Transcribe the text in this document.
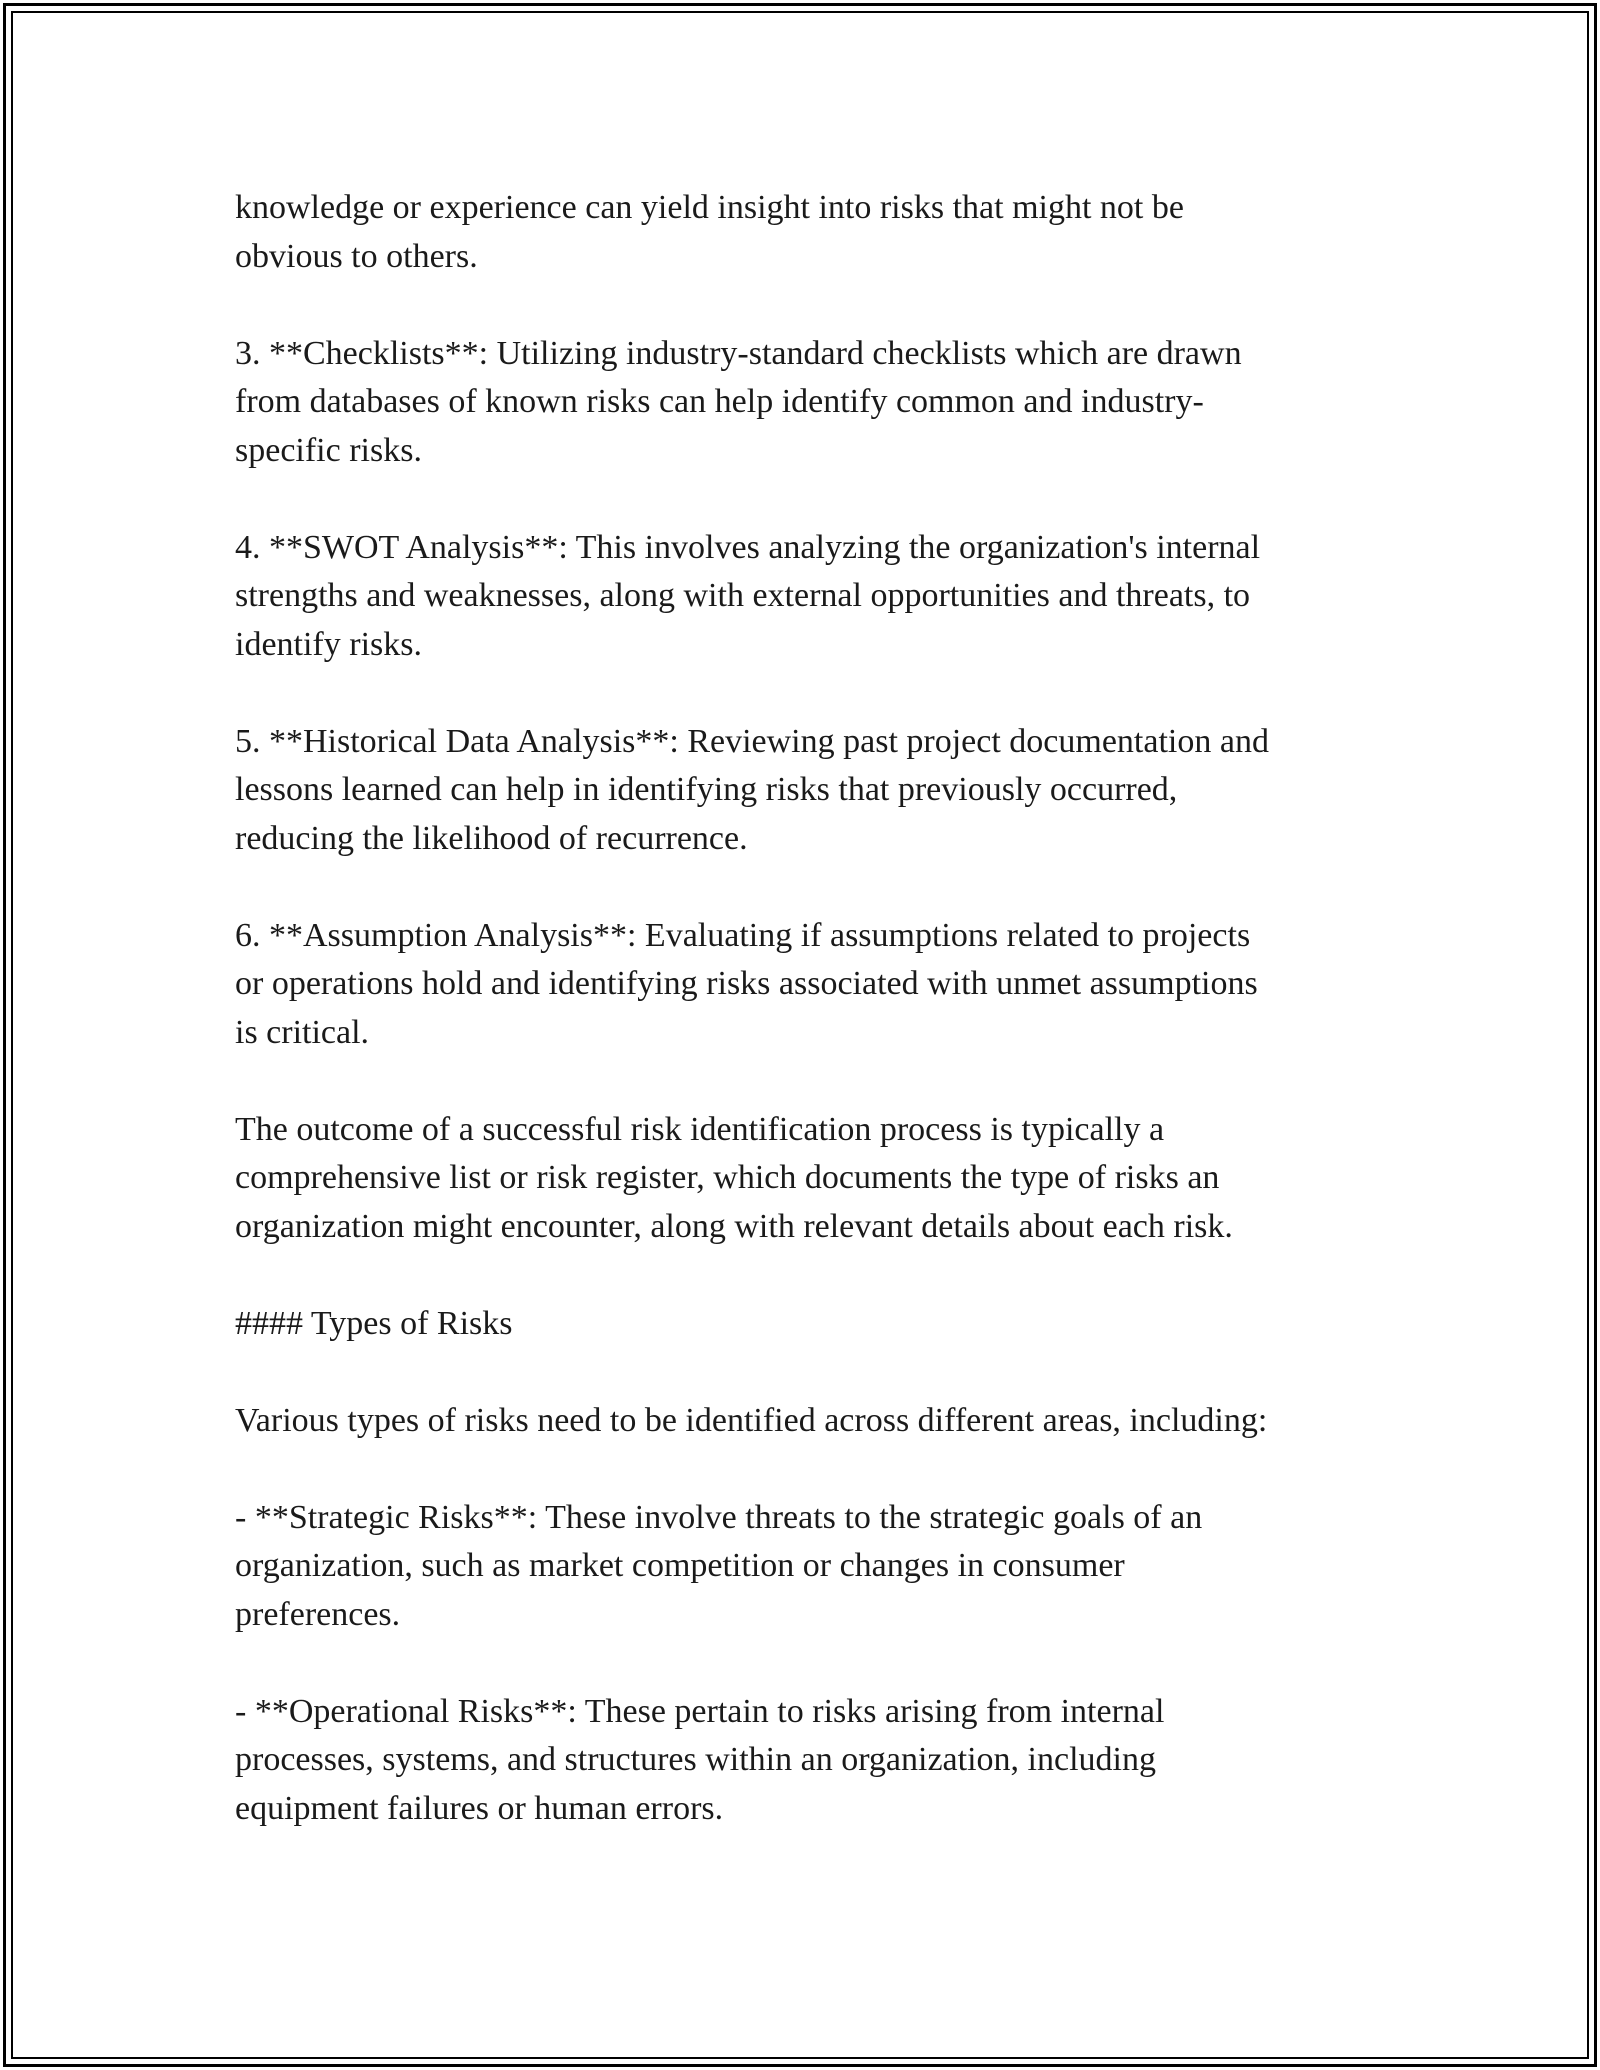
knowledge or experience can yield insight into risks that might not be
obvious to others.

3. **Checklists**: Utilizing industry-standard checklists which are drawn
from databases of known risks can help identify common and industry-
specific risks.

4. **SWOT Analysis**: This involves analyzing the organization's internal
strengths and weaknesses, along with external opportunities and threats, to
identify risks.

5. **Historical Data Analysis**: Reviewing past project documentation and
lessons learned can help in identifying risks that previously occurred,
reducing the likelihood of recurrence.

6. **Assumption Analysis**: Evaluating if assumptions related to projects
or operations hold and identifying risks associated with unmet assumptions
is critical.

The outcome of a successful risk identification process is typically a
comprehensive list or risk register, which documents the type of risks an
organization might encounter, along with relevant details about each risk.

#### Types of Risks

Various types of risks need to be identified across different areas, including:

- **Strategic Risks**: These involve threats to the strategic goals of an
organization, such as market competition or changes in consumer
preferences.

- **Operational Risks**: These pertain to risks arising from internal
processes, systems, and structures within an organization, including
equipment failures or human errors.
